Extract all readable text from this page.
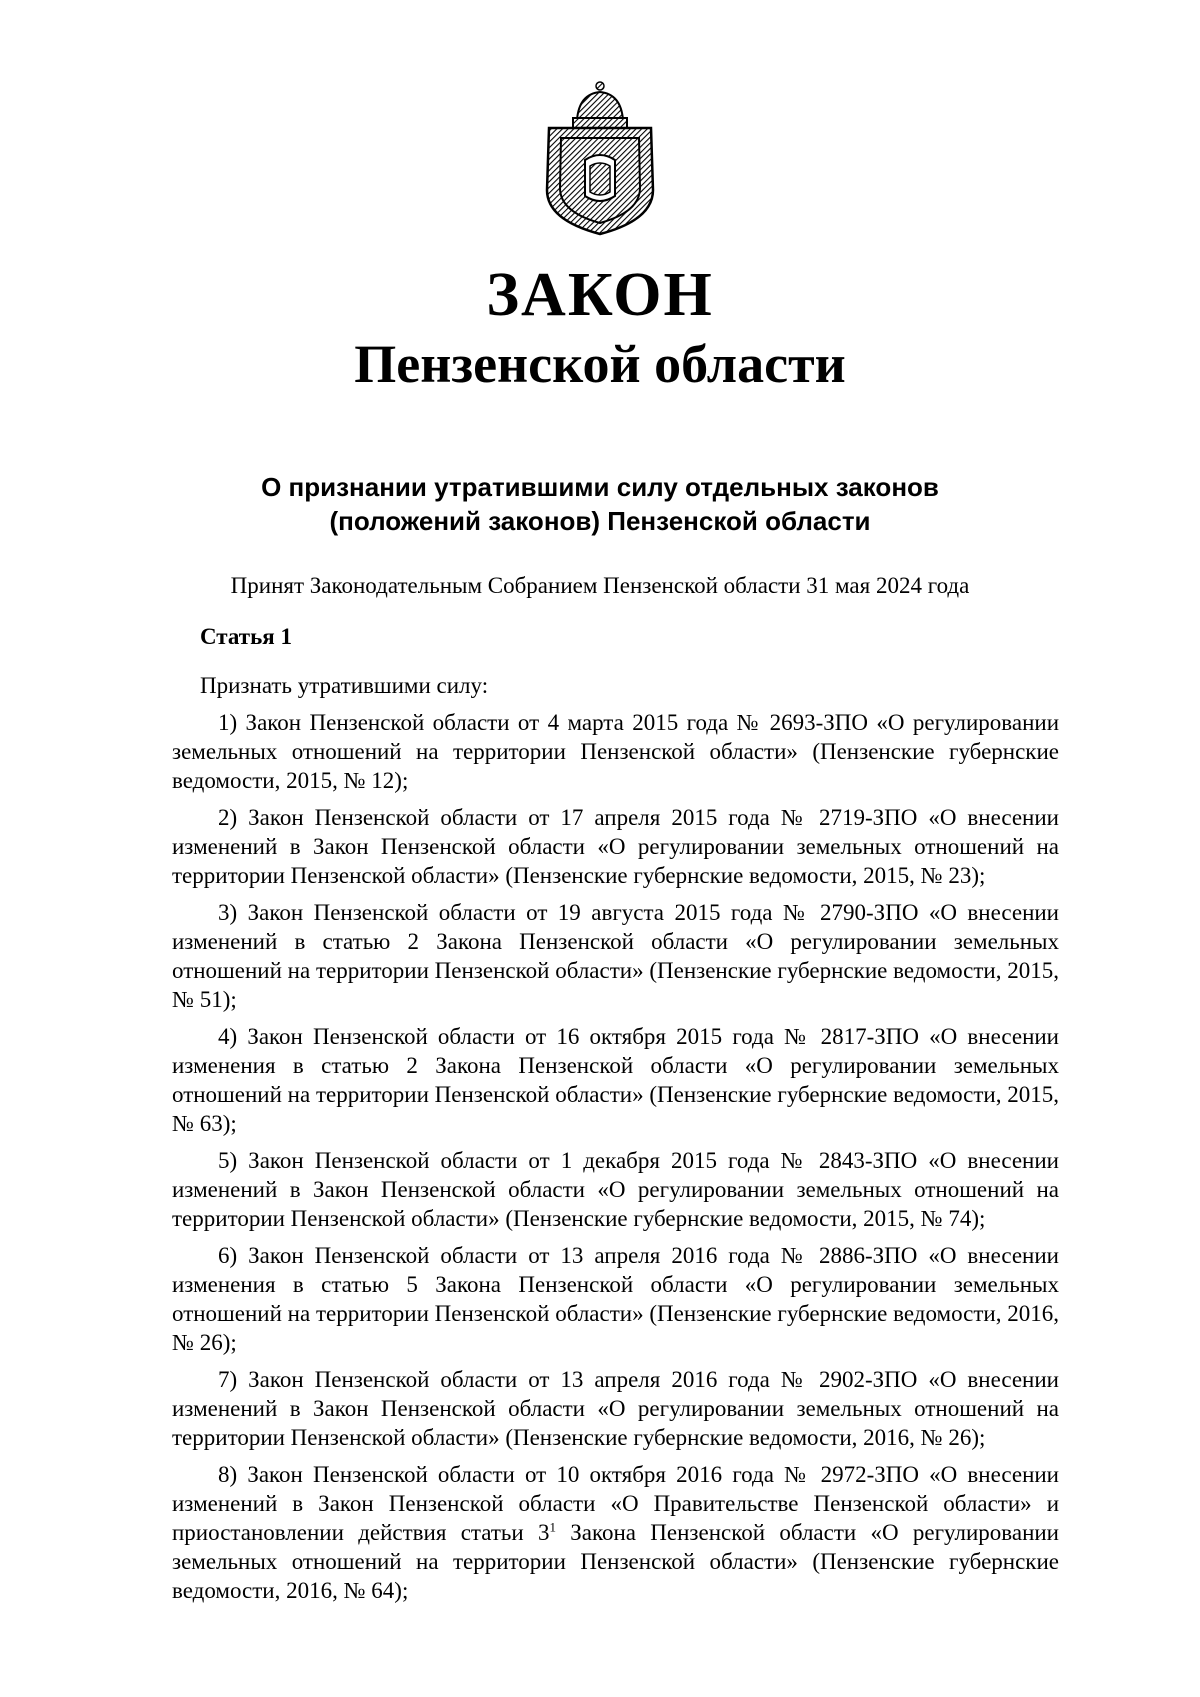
ЗАКОН
Пензенской области
О признании утратившими силу отдельных законов
(положений законов) Пензенской области
Принят Законодательным Собранием Пензенской области 31 мая 2024 года

Статья 1

Признать утратившими силу:

1) Закон Пензенской области от 4 марта 2015 года № 2693-ЗПО «О регулировании земельных отношений на территории Пензенской области» (Пензенские губернские ведомости, 2015, № 12);

2) Закон Пензенской области от 17 апреля 2015 года № 2719-ЗПО «О внесении изменений в Закон Пензенской области «О регулировании земельных отношений на территории Пензенской области» (Пензенские губернские ведомости, 2015, № 23);

3) Закон Пензенской области от 19 августа 2015 года № 2790-ЗПО «О внесении изменений в статью 2 Закона Пензенской области «О регулировании земельных отношений на территории Пензенской области» (Пензенские губернские ведомости, 2015, № 51);

4) Закон Пензенской области от 16 октября 2015 года № 2817-ЗПО «О внесении изменения в статью 2 Закона Пензенской области «О регулировании земельных отношений на территории Пензенской области» (Пензенские губернские ведомости, 2015, № 63);

5) Закон Пензенской области от 1 декабря 2015 года № 2843-ЗПО «О внесении изменений в Закон Пензенской области «О регулировании земельных отношений на территории Пензенской области» (Пензенские губернские ведомости, 2015, № 74);

6) Закон Пензенской области от 13 апреля 2016 года № 2886-ЗПО «О внесении изменения в статью 5 Закона Пензенской области «О регулировании земельных отношений на территории Пензенской области» (Пензенские губернские ведомости, 2016, № 26);

7) Закон Пензенской области от 13 апреля 2016 года № 2902-ЗПО «О внесении изменений в Закон Пензенской области «О регулировании земельных отношений на территории Пензенской области» (Пензенские губернские ведомости, 2016, № 26);

8) Закон Пензенской области от 10 октября 2016 года № 2972-ЗПО «О внесении изменений в Закон Пензенской области «О Правительстве Пензенской области» и приостановлении действия статьи $3^1$ Закона Пензенской области «О регулировании земельных отношений на территории Пензенской области» (Пензенские губернские ведомости, 2016, № 64);
